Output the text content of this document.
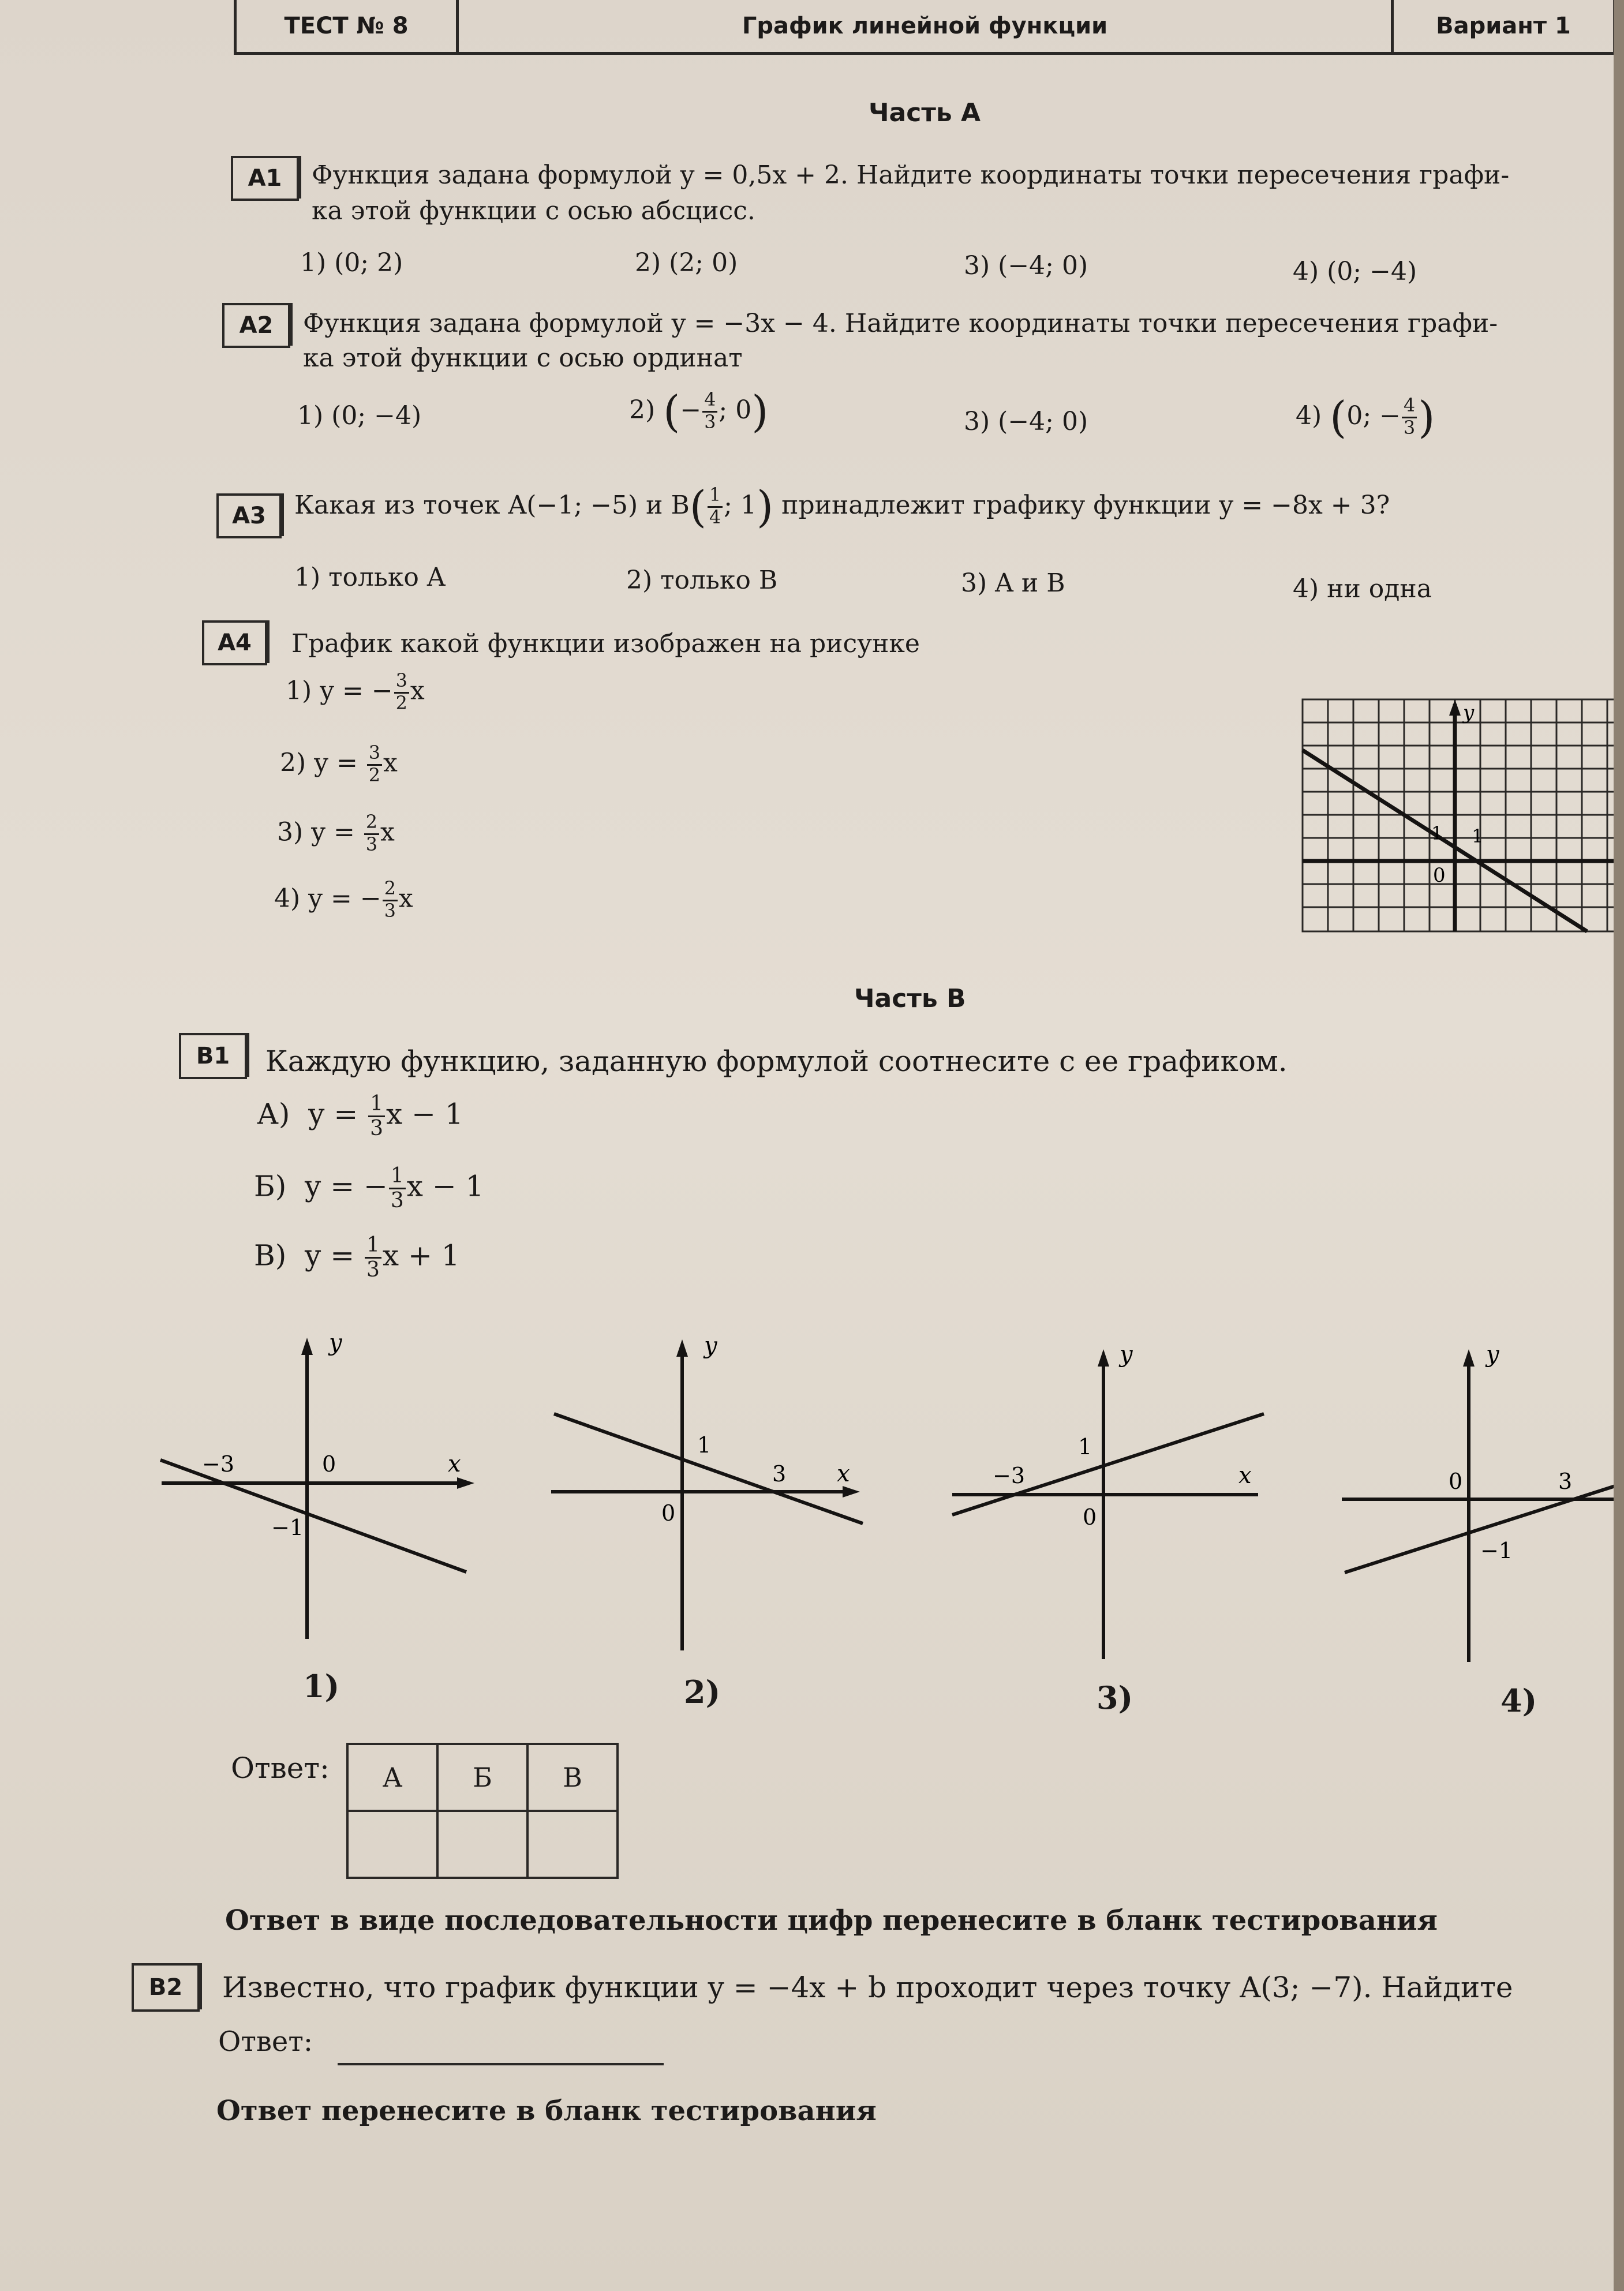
ТЕСТ № 8	График линейной функции	Вариант 1
Часть А
А1	Функция задана формулой y = 0,5x + 2. Найдите координаты точки пересечения графи-
ка этой функции с осью абсцисс.
1) (0; 2)	2) (2; 0)	3) (−4; 0)	4) (0; −4)
А2	Функция задана формулой y = −3x − 4. Найдите координаты точки пересечения графи-
ка этой функции с осью ординат
1) (0; −4)	2) (− $\frac{4}{3}$ ; 0)	3) (−4; 0)	4) (0; − $\frac{4}{3}$ )
А3	Какая из точек A(−1; −5) и $B( \frac{1}{4}$ ; 1) принадлежит графику функции y = −8x + 3?
1) только A	2) только B	3) A и B	4) ни одна
А4	График какой функции изображен на рисунке
1) y = − $\frac{3}{2}$ x
2) $y = \frac{3}{2}$ x
3) $y = \frac{2}{3}$ x
4) y = − $\frac{2}{3}$ x
y
1 1
0
Часть В
В1	Каждую функцию, заданную формулой соотнесите с ее графиком.
А) $y = \frac{1}{3}$ x − 1
Б) y = − $\frac{1}{3}$ x − 1
В) $y = \frac{1}{3}$ x + 1
y
x
−3	0
−1
1)
y
x
1
3
0
2)
y
x
1
−3
0
3)
y
0	3
−1
4)
Ответ: А	Б	В

Ответ в виде последовательности цифр перенесите в бланк тестирования
В2	Известно, что график функции y = −4x + b проходит через точку A(3; −7). Найдите
Ответ:
Ответ перенесите в бланк тестирования
